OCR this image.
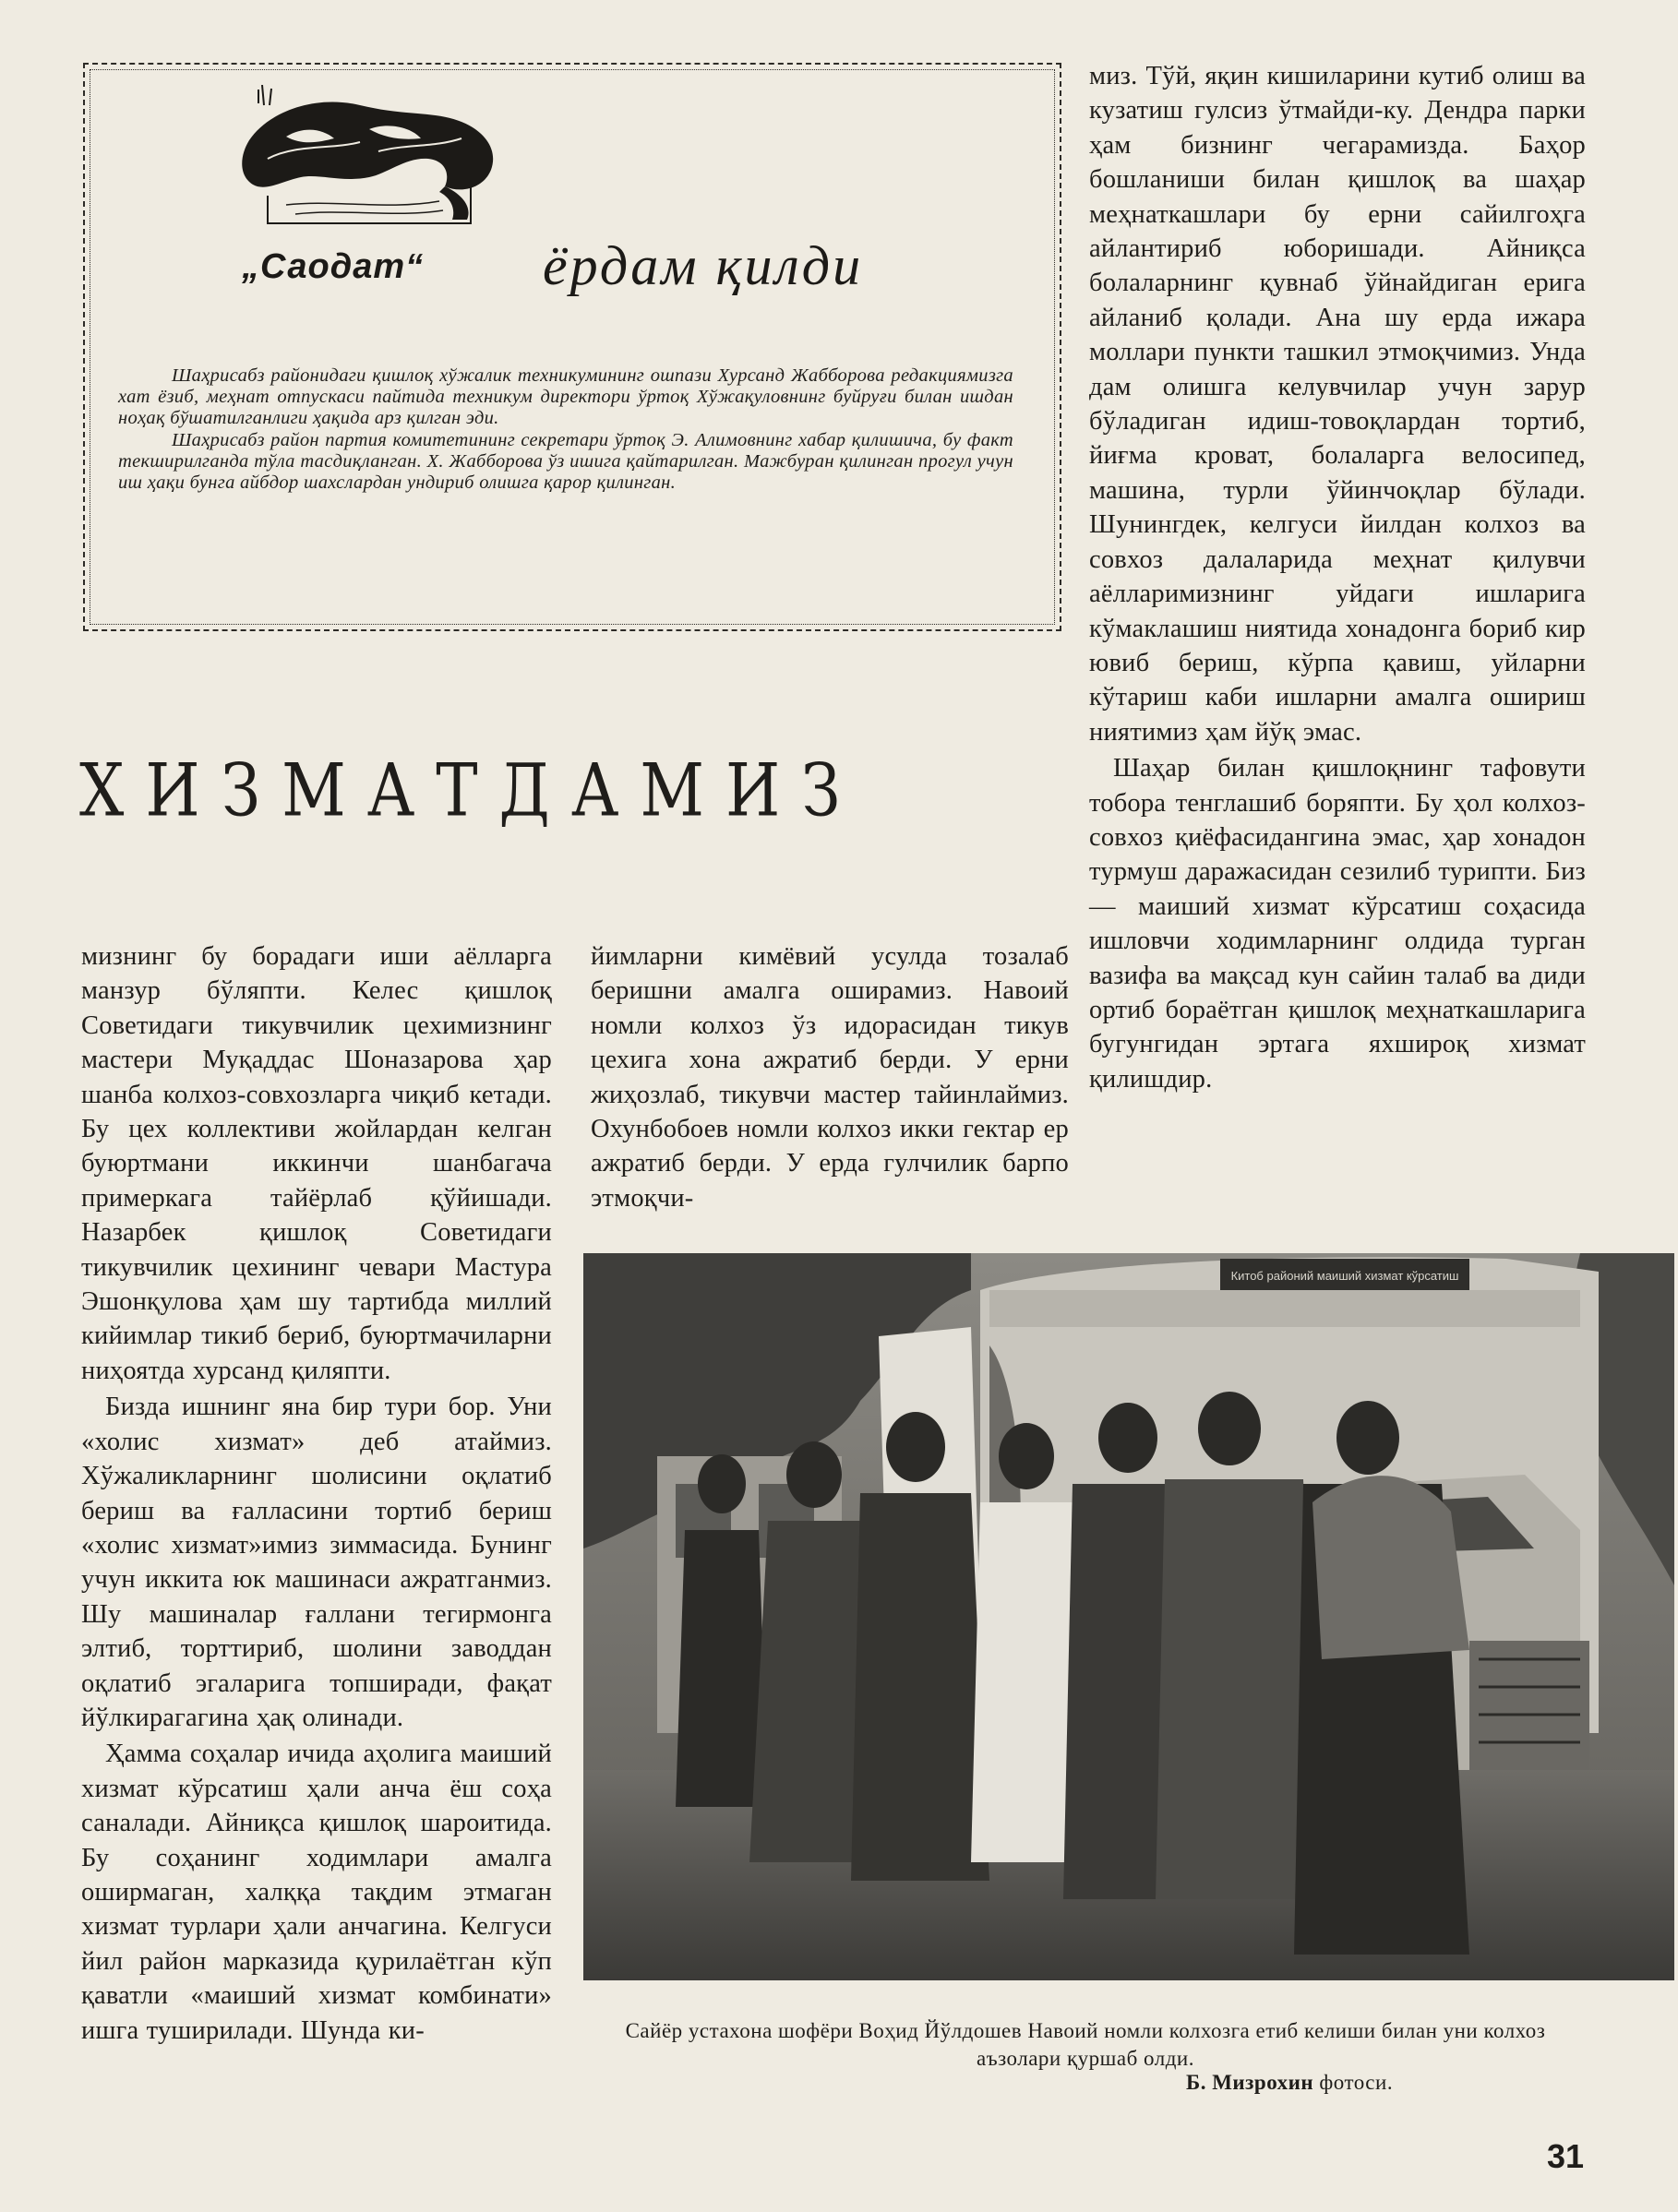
„Саодат“ ёрдам қилди

Шаҳрисабз районидаги қишлоқ хўжалик техникумининг ошпази Хурсанд Жабборова редакциямизга хат ёзиб, меҳнат отпускаси пайтида техникум директори ўртоқ Хўжақуловнинг буйруғи билан ишдан ноҳақ бўшатилганлиги ҳақида арз қилган эди.

Шаҳрисабз район партия комитетининг секретари ўртоқ Э. Алимовнинг хабар қилишича, бу факт текширилганда тўла тасдиқланган. Х. Жабборова ўз ишига қайтарилган. Мажбуран қилинган прогул учун иш ҳақи бунга айбдор шахслардан ундириб олишга қарор қилинган.

ХИЗМАТДАМИЗ

миз. Тўй, яқин кишиларини кутиб олиш ва кузатиш гулсиз ўтмайди-ку. Дендра парки ҳам бизнинг чегарамизда. Баҳор бошланиши билан қишлоқ ва шаҳар меҳнаткашлари бу ерни сайилгоҳга айлантириб юборишади. Айниқса болаларнинг қувнаб ўйнайдиган ерига айланиб қолади. Ана шу ерда ижара моллари пункти ташкил этмоқчимиз. Унда дам олишга келувчилар учун зарур бўладиган идиш-товоқлардан тортиб, йиғма кроват, болаларга велосипед, машина, турли ўйинчоқлар бўлади. Шунингдек, келгуси йилдан колхоз ва совхоз далаларида меҳнат қилувчи аёлларимизнинг уйдаги ишларига кўмаклашиш ниятида хонадонга бориб кир ювиб бериш, кўрпа қавиш, уйларни кўтариш каби ишларни амалга ошириш ниятимиз ҳам йўқ эмас.

Шаҳар билан қишлоқнинг тафовути тобора тенглашиб боряпти. Бу ҳол колхоз-совхоз қиёфасидангина эмас, ҳар хонадон турмуш даражасидан сезилиб турипти. Биз — маиший хизмат кўрсатиш соҳасида ишловчи ходимларнинг олдида турган вазифа ва мақсад кун сайин талаб ва диди ортиб бораётган қишлоқ меҳнаткашларига бугунгидан эртага яхшироқ хизмат қилишдир.

мизнинг бу борадаги иши аёлларга манзур бўляпти. Келес қишлоқ Советидаги тикувчилик цехимизнинг мастери Муқаддас Шоназарова ҳар шанба колхоз-совхозларга чиқиб кетади. Бу цех коллективи жойлардан келган буюртмани иккинчи шанбагача примеркага тайёрлаб қўйишади. Назарбек қишлоқ Советидаги тикувчилик цехининг чевари Мастура Эшонқулова ҳам шу тартибда миллий кийимлар тикиб бериб, буюртмачиларни ниҳоятда хурсанд қиляпти.

Бизда ишнинг яна бир тури бор. Уни «холис хизмат» деб атаймиз. Хўжаликларнинг шолисини оқлатиб бериш ва ғалласини тортиб бериш «холис хизмат»имиз зиммасида. Бунинг учун иккита юк машинаси ажратганмиз. Шу машиналар ғаллани тегирмонга элтиб, торттириб, шолини заводдан оқлатиб эгаларига топширади, фақат йўлкирагагина ҳақ олинади.

Ҳамма соҳалар ичида аҳолига маиший хизмат кўрсатиш ҳали анча ёш соҳа саналади. Айниқса қишлоқ шароитида. Бу соҳанинг ходимлари амалга оширмаган, халққа тақдим этмаган хизмат турлари ҳали анчагина. Келгуси йил район марказида қурилаётган кўп қаватли «маиший хизмат комбинати» ишга туширилади. Шунда ки-

йимларни кимёвий усулда тозалаб беришни амалга оширамиз. Навоий номли колхоз ўз идорасидан тикув цехига хона ажратиб берди. У ерни жиҳозлаб, тикувчи мастер тайинлаймиз. Охунбобоев номли колхоз икки гектар ер ажратиб берди. У ерда гулчилик барпо этмоқчи-

Китоб районий маиший хизмат кўрсатиш
Сайёр устахона шофёри Воҳид Йўлдошев Навоий номли колхозга етиб келиши билан уни колхоз аъзолари қуршаб олди.
Б. Мизрохин фотоси.
31
